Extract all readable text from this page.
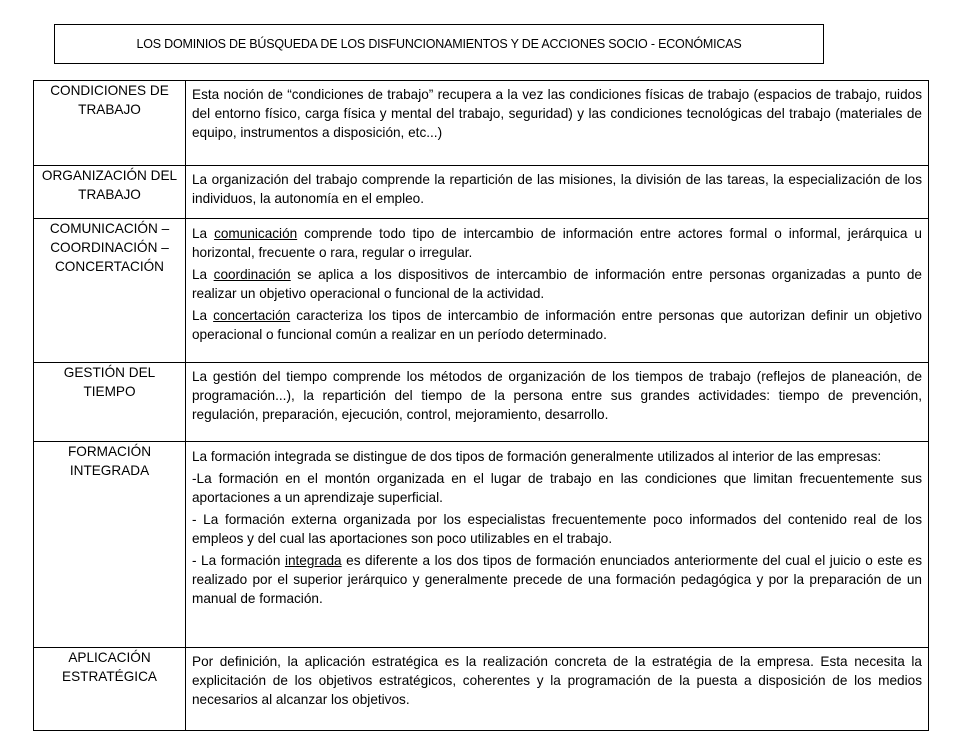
LOS DOMINIOS DE BÚSQUEDA DE LOS DISFUNCIONAMIENTOS Y DE ACCIONES SOCIO - ECONÓMICAS
CONDICIONES DE TRABAJO	Esta noción de “condiciones de trabajo” recupera a la vez las condiciones físicas de trabajo (espacios de trabajo, ruidos del entorno físico, carga física y mental del trabajo, seguridad) y las condiciones tecnológicas del trabajo (materiales de equipo, instrumentos a disposición, etc...)

ORGANIZACIÓN DEL TRABAJO	La organización del trabajo comprende la repartición de las misiones, la división de las tareas, la especialización de los individuos, la autonomía en el empleo.

COMUNICACIÓN – COORDINACIÓN – CONCERTACIÓN	La comunicación comprende todo tipo de intercambio de información entre actores formal o informal, jerárquica u horizontal, frecuente o rara, regular o irregular.

La coordinación se aplica a los dispositivos de intercambio de información entre personas organizadas a punto de realizar un objetivo operacional o funcional de la actividad.

La concertación caracteriza los tipos de intercambio de información entre personas que autorizan definir un objetivo operacional o funcional común a realizar en un período determinado.

GESTIÓN DEL TIEMPO	La gestión del tiempo comprende los métodos de organización de los tiempos de trabajo (reflejos de planeación, de programación...), la repartición del tiempo de la persona entre sus grandes actividades: tiempo de prevención, regulación, preparación, ejecución, control, mejoramiento, desarrollo.

FORMACIÓN INTEGRADA	La formación integrada se distingue de dos tipos de formación generalmente utilizados al interior de las empresas:

-La formación en el montón organizada en el lugar de trabajo en las condiciones que limitan frecuentemente sus aportaciones a un aprendizaje superficial.

- La formación externa organizada por los especialistas frecuentemente poco informados del contenido real de los empleos y del cual las aportaciones son poco utilizables en el trabajo.

- La formación integrada es diferente a los dos tipos de formación enunciados anteriormente del cual el juicio o este es realizado por el superior jerárquico y generalmente precede de una formación pedagógica y por la preparación de un manual de formación.

APLICACIÓN ESTRATÉGICA	Por definición, la aplicación estratégica es la realización concreta de la estratégia de la empresa. Esta necesita la explicitación de los objetivos estratégicos, coherentes y la programación de la puesta a disposición de los medios necesarios al alcanzar los objetivos.
